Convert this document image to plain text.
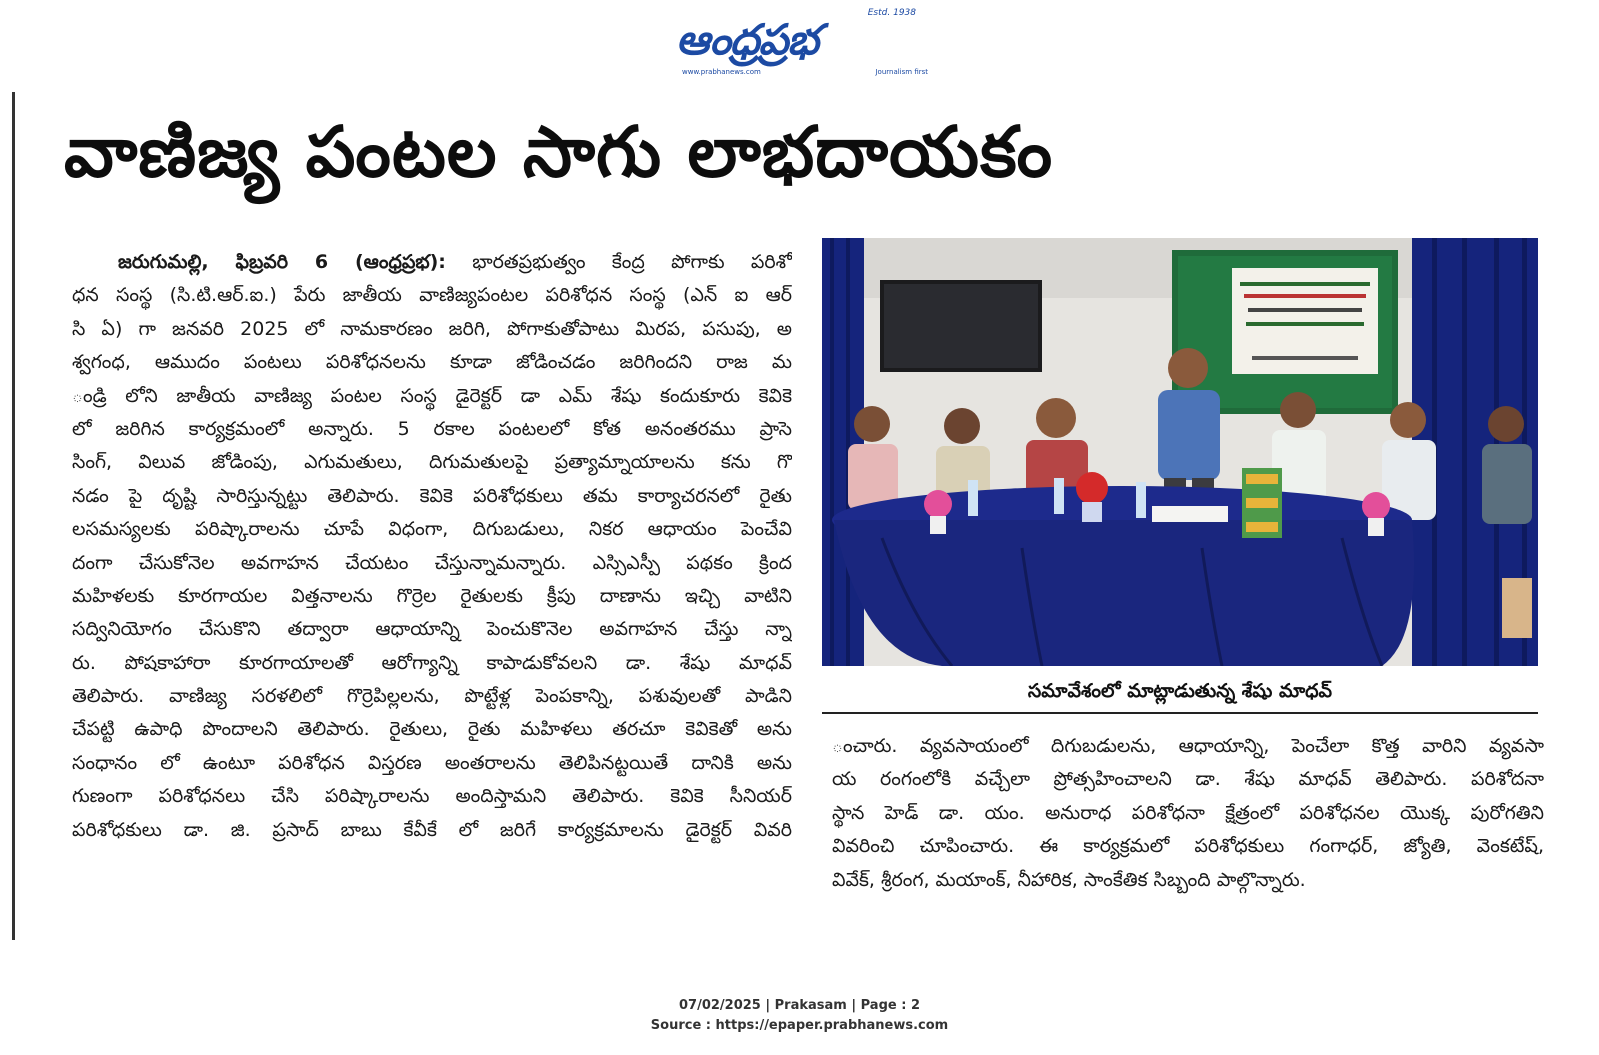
ఆంధ్రప్రభ
Estd. 1938
www.prabhanews.com	Journalism first
వాణిజ్య పంటల సాగు లాభదాయకం
జరుగుమల్లి, ఫిబ్రవరి 6 (ఆంధ్రప్రభ): భారతప్రభుత్వం కేంద్ర పోగాకు పరిశో
ధన సంస్థ (సి.టి.ఆర్.ఐ.) పేరు జాతీయ వాణిజ్యపంటల పరిశోధన సంస్థ (ఎన్ ఐ ఆర్
సి ఏ) గా జనవరి 2025 లో నామకారణం జరిగి, పోగాకుతోపాటు మిరప, పసుపు, అ
శ్వగంధ, ఆముదం పంటలు పరిశోధనలను కూడా జోడించడం జరిగిందని రాజ మ
ండ్రి లోని జాతీయ వాణిజ్య పంటల సంస్థ డైరెక్టర్ డా ఎమ్ శేషు కందుకూరు కెవికె
లో జరిగిన కార్యక్రమంలో అన్నారు. 5 రకాల పంటలలో కోత అనంతరము ప్రాసె
సింగ్, విలువ జోడింపు, ఎగుమతులు, దిగుమతులపై ప్రత్యామ్నాయాలను కను గొ
నడం పై దృష్టి సారిస్తున్నట్టు తెలిపారు. కెవికె పరిశోధకులు తమ కార్యాచరనలో రైతు
లసమస్యలకు పరిష్కారాలను చూపే విధంగా, దిగుబడులు, నికర ఆధాయం పెంచేవి
దంగా చేసుకోనెల అవగాహన చేయటం చేస్తున్నామన్నారు. ఎస్సిఎస్పీ పథకం క్రింద
మహిళలకు కూరగాయల విత్తనాలను గొర్రెల రైతులకు క్రీపు దాణాను ఇచ్చి వాటిని
సద్వినియోగం చేసుకొని తద్వారా ఆధాయాన్ని పెంచుకొనెల అవగాహన చేస్తు న్నా
రు. పోషకాహారా కూరగాయాలతో ఆరోగ్యాన్ని కాపాడుకోవలని డా. శేషు మాధవ్
తెలిపారు. వాణిజ్య సరళలిలో గొర్రెపిల్లలను, పొట్టేళ్ల పెంపకాన్ని, పశువులతో పాడిని
చేపట్టి ఉపాధి పొందాలని తెలిపారు. రైతులు, రైతు మహిళలు తరచూ కెవికెతో అను
సంధానం లో ఉంటూ పరిశోధన విస్తరణ అంతరాలను తెలిపినట్టయితే దానికి అను
గుణంగా పరిశోధనలు చేసి పరిష్కారాలను అందిస్తామని తెలిపారు. కెవికె సీనియర్
పరిశోధకులు డా. జి. ప్రసాద్ బాబు కేవీకే లో జరిగే కార్యక్రమాలను డైరెక్టర్ వివరి
సమావేశంలో మాట్లాడుతున్న శేషు మాధవ్
ంచారు. వ్యవసాయంలో దిగుబడులను, ఆధాయాన్ని, పెంచేలా కొత్త వారిని వ్యవసా
య రంగంలోకి వచ్చేలా ప్రోత్సహించాలని డా. శేషు మాధవ్ తెలిపారు. పరిశోదనా
స్థాన హెడ్ డా. యం. అనురాధ పరిశోధనా క్షేత్రంలో పరిశోధనల యొక్క పురోగతిని
వివరించి చూపించారు. ఈ కార్యక్రమలో పరిశోధకులు గంగాధర్, జ్యోతి, వెంకటేష్,
వివేక్, శ్రీరంగ, మయాంక్, నీహారిక, సాంకేతిక సిబ్బంది పాల్గొన్నారు.
07/02/2025 | Prakasam | Page : 2
Source : https://epaper.prabhanews.com
